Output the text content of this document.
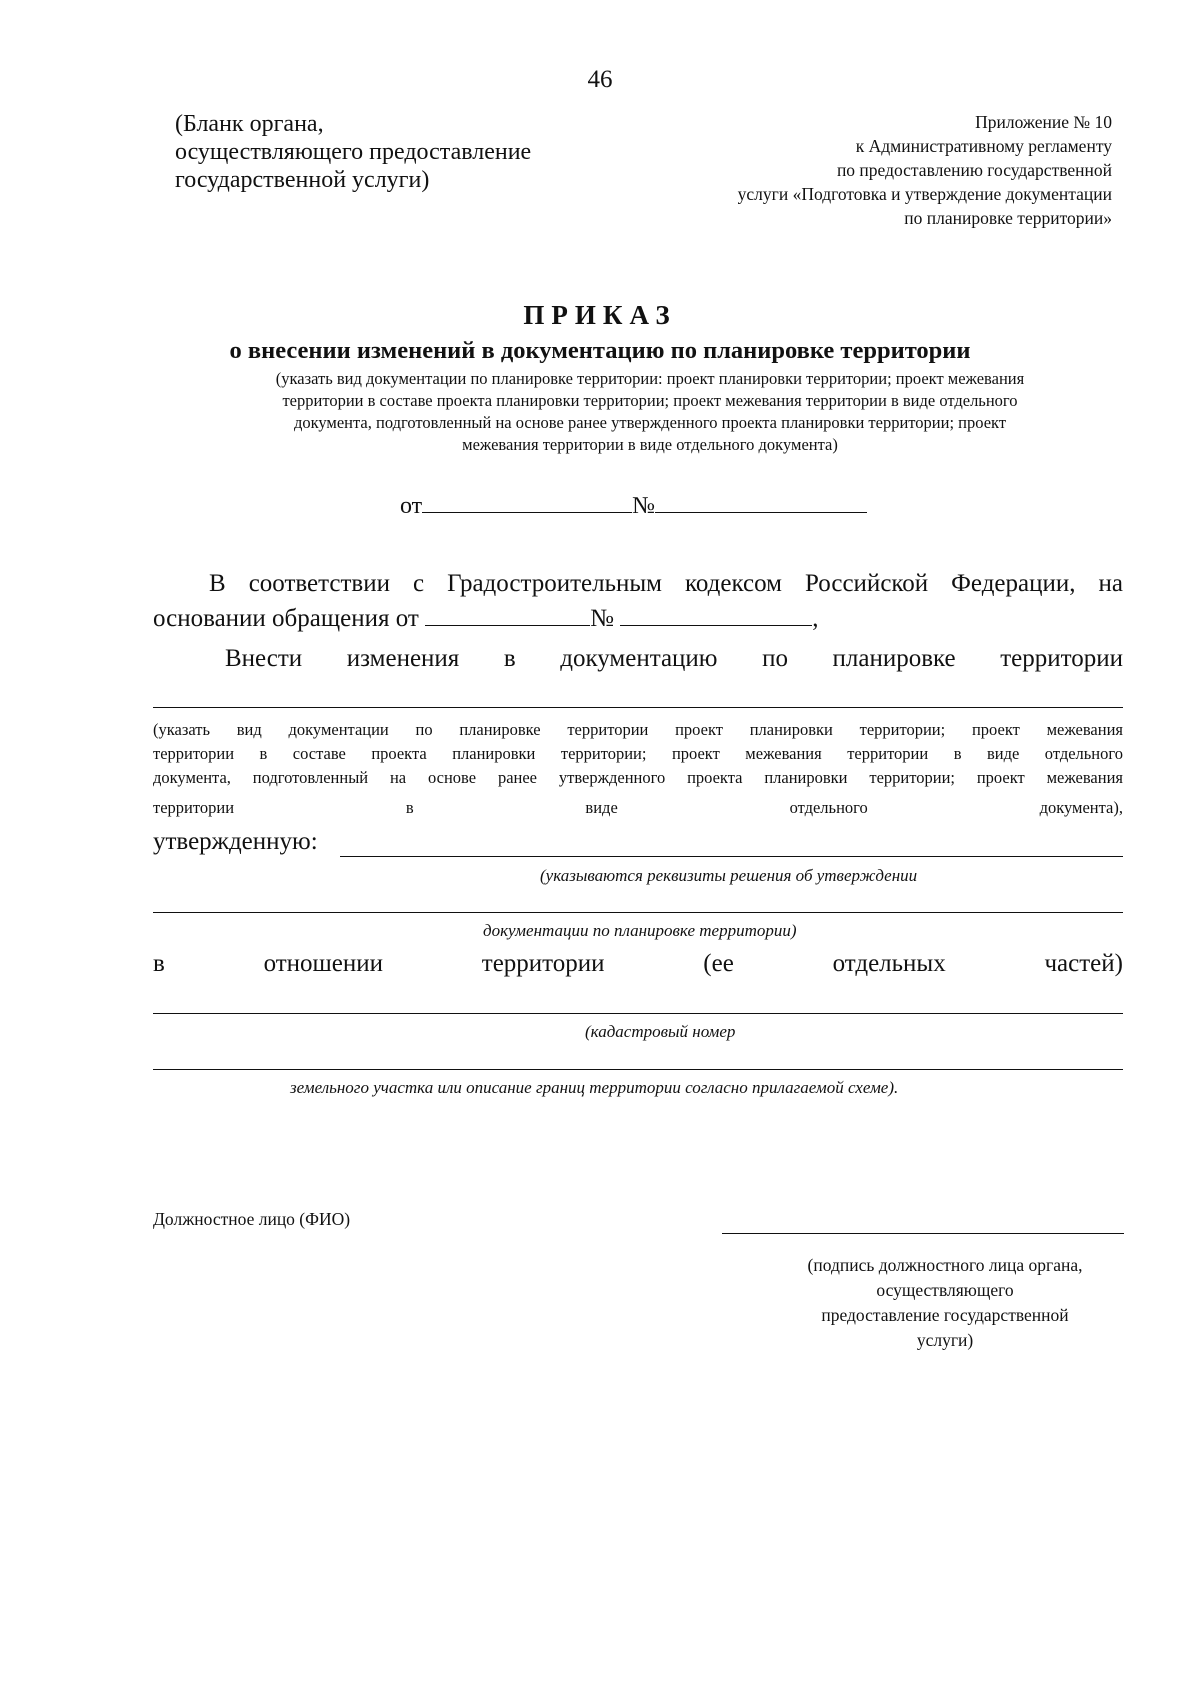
46
(Бланк органа,
осуществляющего предоставление
государственной услуги)
Приложение № 10
к Административному регламенту
по предоставлению государственной
услуги «Подготовка и утверждение документации
по планировке территории»
ПРИКАЗ
о внесении изменений в документацию по планировке территории
(указать вид документации по планировке территории: проект планировки территории; проект межевания
территории в составе проекта планировки территории; проект межевания территории в виде отдельного
документа, подготовленный на основе ранее утвержденного проекта планировки территории; проект
межевания территории в виде отдельного документа)
от	№
В соответствии с Градостроительным кодексом Российской Федерации, на
основании обращения от	№	,
Внести изменения в документацию по планировке территории
(указать вид документации по планировке территории проект планировки территории; проект межевания
территории в составе проекта планировки территории; проект межевания территории в виде отдельного
документа, подготовленный на основе ранее утвержденного проекта планировки территории; проект межевания
территории	в	виде	отдельного	документа),
утвержденную:
(указываются реквизиты решения об утверждении
документации по планировке территории)
в	отношении	территории	(ее	отдельных	частей)
(кадастровый номер
земельного участка или описание границ территории согласно прилагаемой схеме).
Должностное лицо (ФИО)
(подпись должностного лица органа,
осуществляющего
предоставление государственной
услуги)
